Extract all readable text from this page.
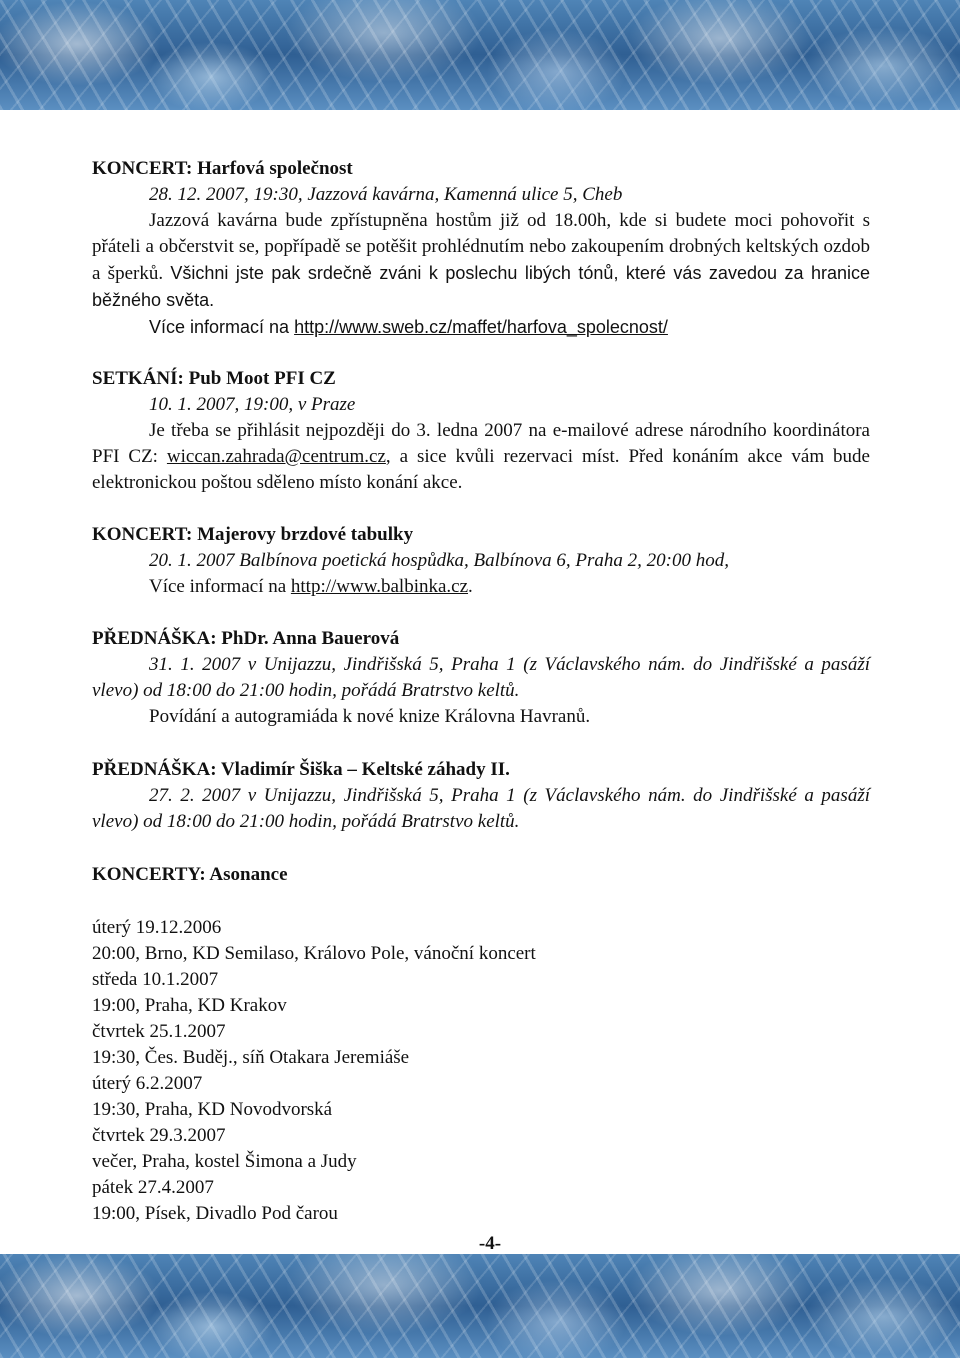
KONCERT: Harfová společnost

28. 12. 2007, 19:30, Jazzová kavárna, Kamenná ulice 5, Cheb

Jazzová kavárna bude zpřístupněna hostům již od 18.00h, kde si budete moci pohovořit s přáteli a občerstvit se, popřípadě se potěšit prohlédnutím nebo zakoupením drobných keltských ozdob a šperků. Všichni jste pak srdečně zváni k poslechu libých tónů, které vás zavedou za hranice běžného světa.

Více informací na http://www.sweb.cz/maffet/harfova_spolecnost/

SETKÁNÍ: Pub Moot PFI CZ

10. 1. 2007, 19:00, v Praze

Je třeba se přihlásit nejpozději do 3. ledna 2007 na e-mailové adrese národního koordinátora PFI CZ: wiccan.zahrada@centrum.cz, a sice kvůli rezervaci míst. Před konáním akce vám bude elektronickou poštou sděleno místo konání akce.

KONCERT: Majerovy brzdové tabulky

20. 1. 2007 Balbínova poetická hospůdka, Balbínova 6, Praha 2, 20:00 hod,

Více informací na http://www.balbinka.cz.

PŘEDNÁŠKA: PhDr. Anna Bauerová

31. 1. 2007 v Unijazzu, Jindřišská 5, Praha 1 (z Václavského nám. do Jindřišské a pasáží vlevo) od 18:00 do 21:00 hodin, pořádá Bratrstvo keltů.

Povídání a autogramiáda k nové knize Královna Havranů.

PŘEDNÁŠKA: Vladimír Šiška – Keltské záhady II.

27. 2. 2007 v Unijazzu, Jindřišská 5, Praha 1 (z Václavského nám. do Jindřišské a pasáží vlevo) od 18:00 do 21:00 hodin, pořádá Bratrstvo keltů.

KONCERTY: Asonance

úterý 19.12.2006

20:00, Brno, KD Semilaso, Královo Pole, vánoční koncert

středa 10.1.2007

19:00, Praha, KD Krakov

čtvrtek 25.1.2007

19:30, Čes. Buděj., síň Otakara Jeremiáše

úterý 6.2.2007

19:30, Praha, KD Novodvorská

čtvrtek 29.3.2007

večer, Praha, kostel Šimona a Judy

pátek 27.4.2007

19:00, Písek, Divadlo Pod čarou

-4-
